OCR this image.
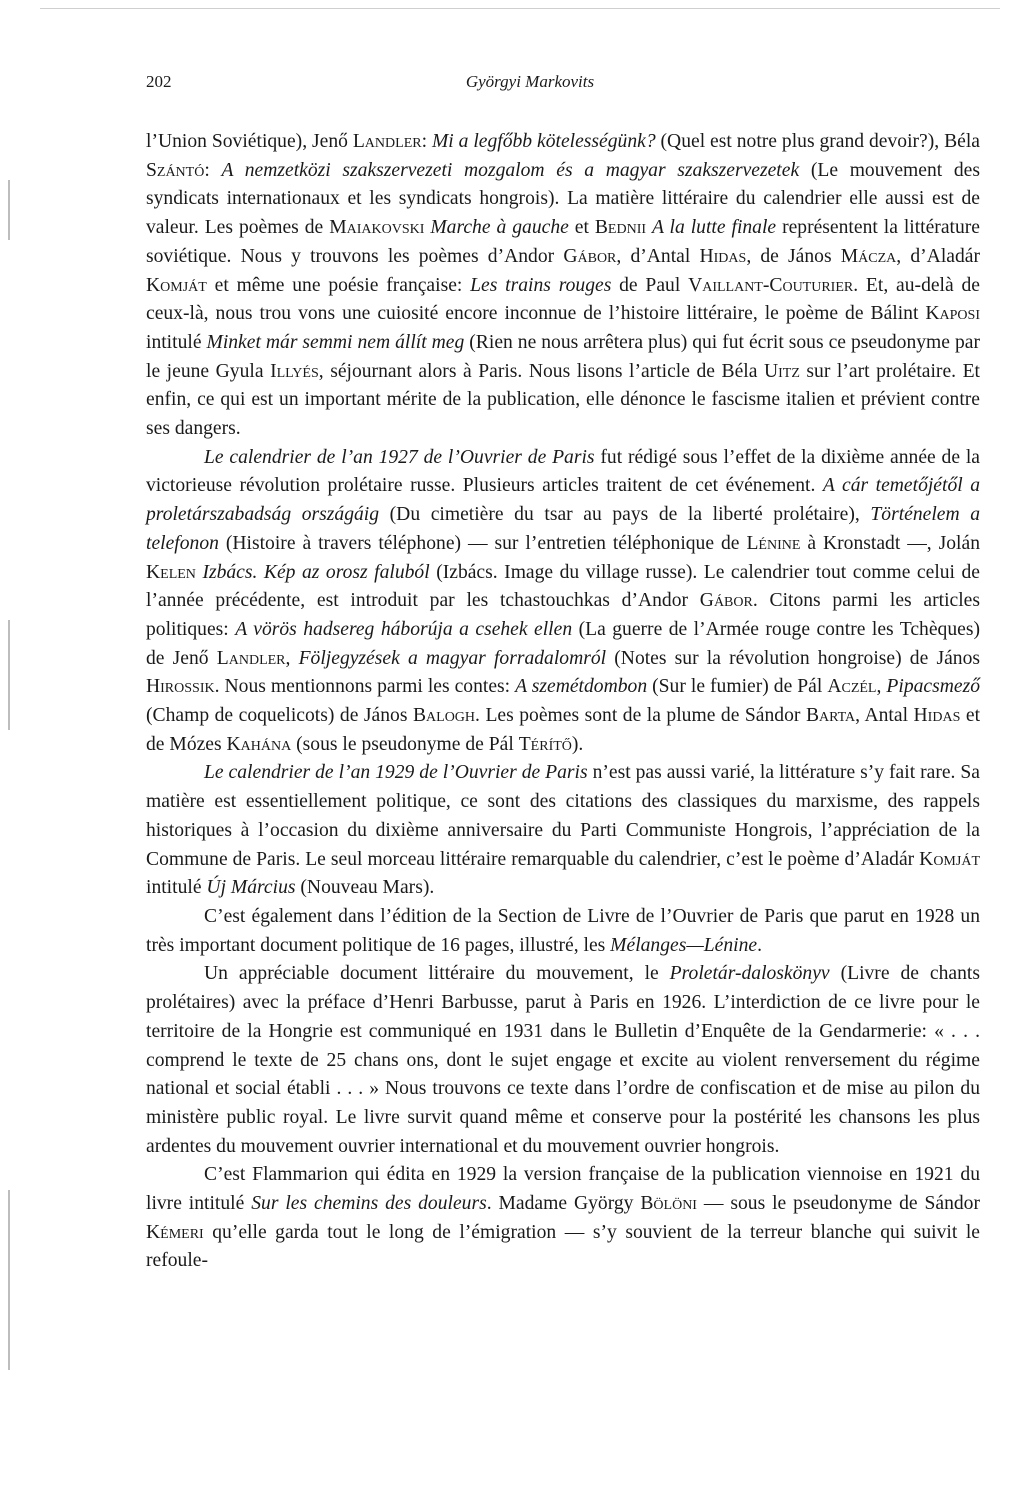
202	Györgyi Markovits

l’Union Soviétique), Jenő Landler: Mi a legfőbb kötelességünk? (Quel est notre plus grand devoir?), Béla Szántó: A nemzetközi szakszervezeti mozgalom és a magyar szakszervezetek (Le mouvement des syndicats internationaux et les syndicats hongrois). La matière littéraire du calendrier elle aussi est de valeur. Les poèmes de Maiakovski Marche à gauche et Bednii A la lutte finale représentent la littérature soviétique. Nous y trouvons les poèmes d’Andor Gábor, d’Antal Hidas, de János Mácza, d’Aladár Komját et même une poésie française: Les trains rouges de Paul Vaillant-Couturier. Et, au-delà de ceux-là, nous trou vons une cuiosité encore inconnue de l’histoire littéraire, le poème de Bálint Kaposi intitulé Minket már semmi nem állít meg (Rien ne nous arrêtera plus) qui fut écrit sous ce pseudonyme par le jeune Gyula Illyés, séjournant alors à Paris. Nous lisons l’article de Béla Uitz sur l’art prolétaire. Et enfin, ce qui est un important mérite de la publication, elle dénonce le fascisme italien et prévient contre ses dangers.

Le calendrier de l’an 1927 de l’Ouvrier de Paris fut rédigé sous l’effet de la dixième année de la victorieuse révolution prolétaire russe. Plusieurs articles traitent de cet événement. A cár temetőjétől a proletárszabadság országáig (Du cimetière du tsar au pays de la liberté prolétaire), Történelem a telefonon (Histoire à travers téléphone) — sur l’entretien téléphonique de Lénine à Kronstadt —, Jolán Kelen Izbács. Kép az orosz faluból (Izbács. Image du village russe). Le calendrier tout comme celui de l’année précédente, est introduit par les tchastouchkas d’Andor Gábor. Citons parmi les articles politiques: A vörös hadsereg háborúja a csehek ellen (La guerre de l’Armée rouge contre les Tchèques) de Jenő Landler, Följegyzések a magyar forradalomról (Notes sur la révolution hongroise) de János Hirossik. Nous mentionnons parmi les contes: A szemétdombon (Sur le fumier) de Pál Aczél, Pipacsmező (Champ de coquelicots) de János Balogh. Les poèmes sont de la plume de Sándor Barta, Antal Hidas et de Mózes Kahána (sous le pseudonyme de Pál Térítő).

Le calendrier de l’an 1929 de l’Ouvrier de Paris n’est pas aussi varié, la littérature s’y fait rare. Sa matière est essentiellement politique, ce sont des citations des classiques du marxisme, des rappels historiques à l’occasion du dixième anniversaire du Parti Communiste Hongrois, l’appréciation de la Commune de Paris. Le seul morceau littéraire remarquable du calendrier, c’est le poème d’Aladár Komját intitulé Új Március (Nouveau Mars).

C’est également dans l’édition de la Section de Livre de l’Ouvrier de Paris que parut en 1928 un très important document politique de 16 pages, illustré, les Mélanges—Lénine.

Un appréciable document littéraire du mouvement, le Proletár-daloskönyv (Livre de chants prolétaires) avec la préface d’Henri Barbusse, parut à Paris en 1926. L’interdiction de ce livre pour le territoire de la Hongrie est communiqué en 1931 dans le Bulletin d’Enquête de la Gendarmerie: « . . . comprend le texte de 25 chans ons, dont le sujet engage et excite au violent renversement du régime national et social établi . . . » Nous trouvons ce texte dans l’ordre de confiscation et de mise au pilon du ministère public royal. Le livre survit quand même et conserve pour la postérité les chansons les plus ardentes du mouvement ouvrier international et du mouvement ouvrier hongrois.

C’est Flammarion qui édita en 1929 la version française de la publication viennoise en 1921 du livre intitulé Sur les chemins des douleurs. Madame György Bölöni — sous le pseudonyme de Sándor Kémeri qu’elle garda tout le long de l’émigration — s’y souvient de la terreur blanche qui suivit le refoule-
